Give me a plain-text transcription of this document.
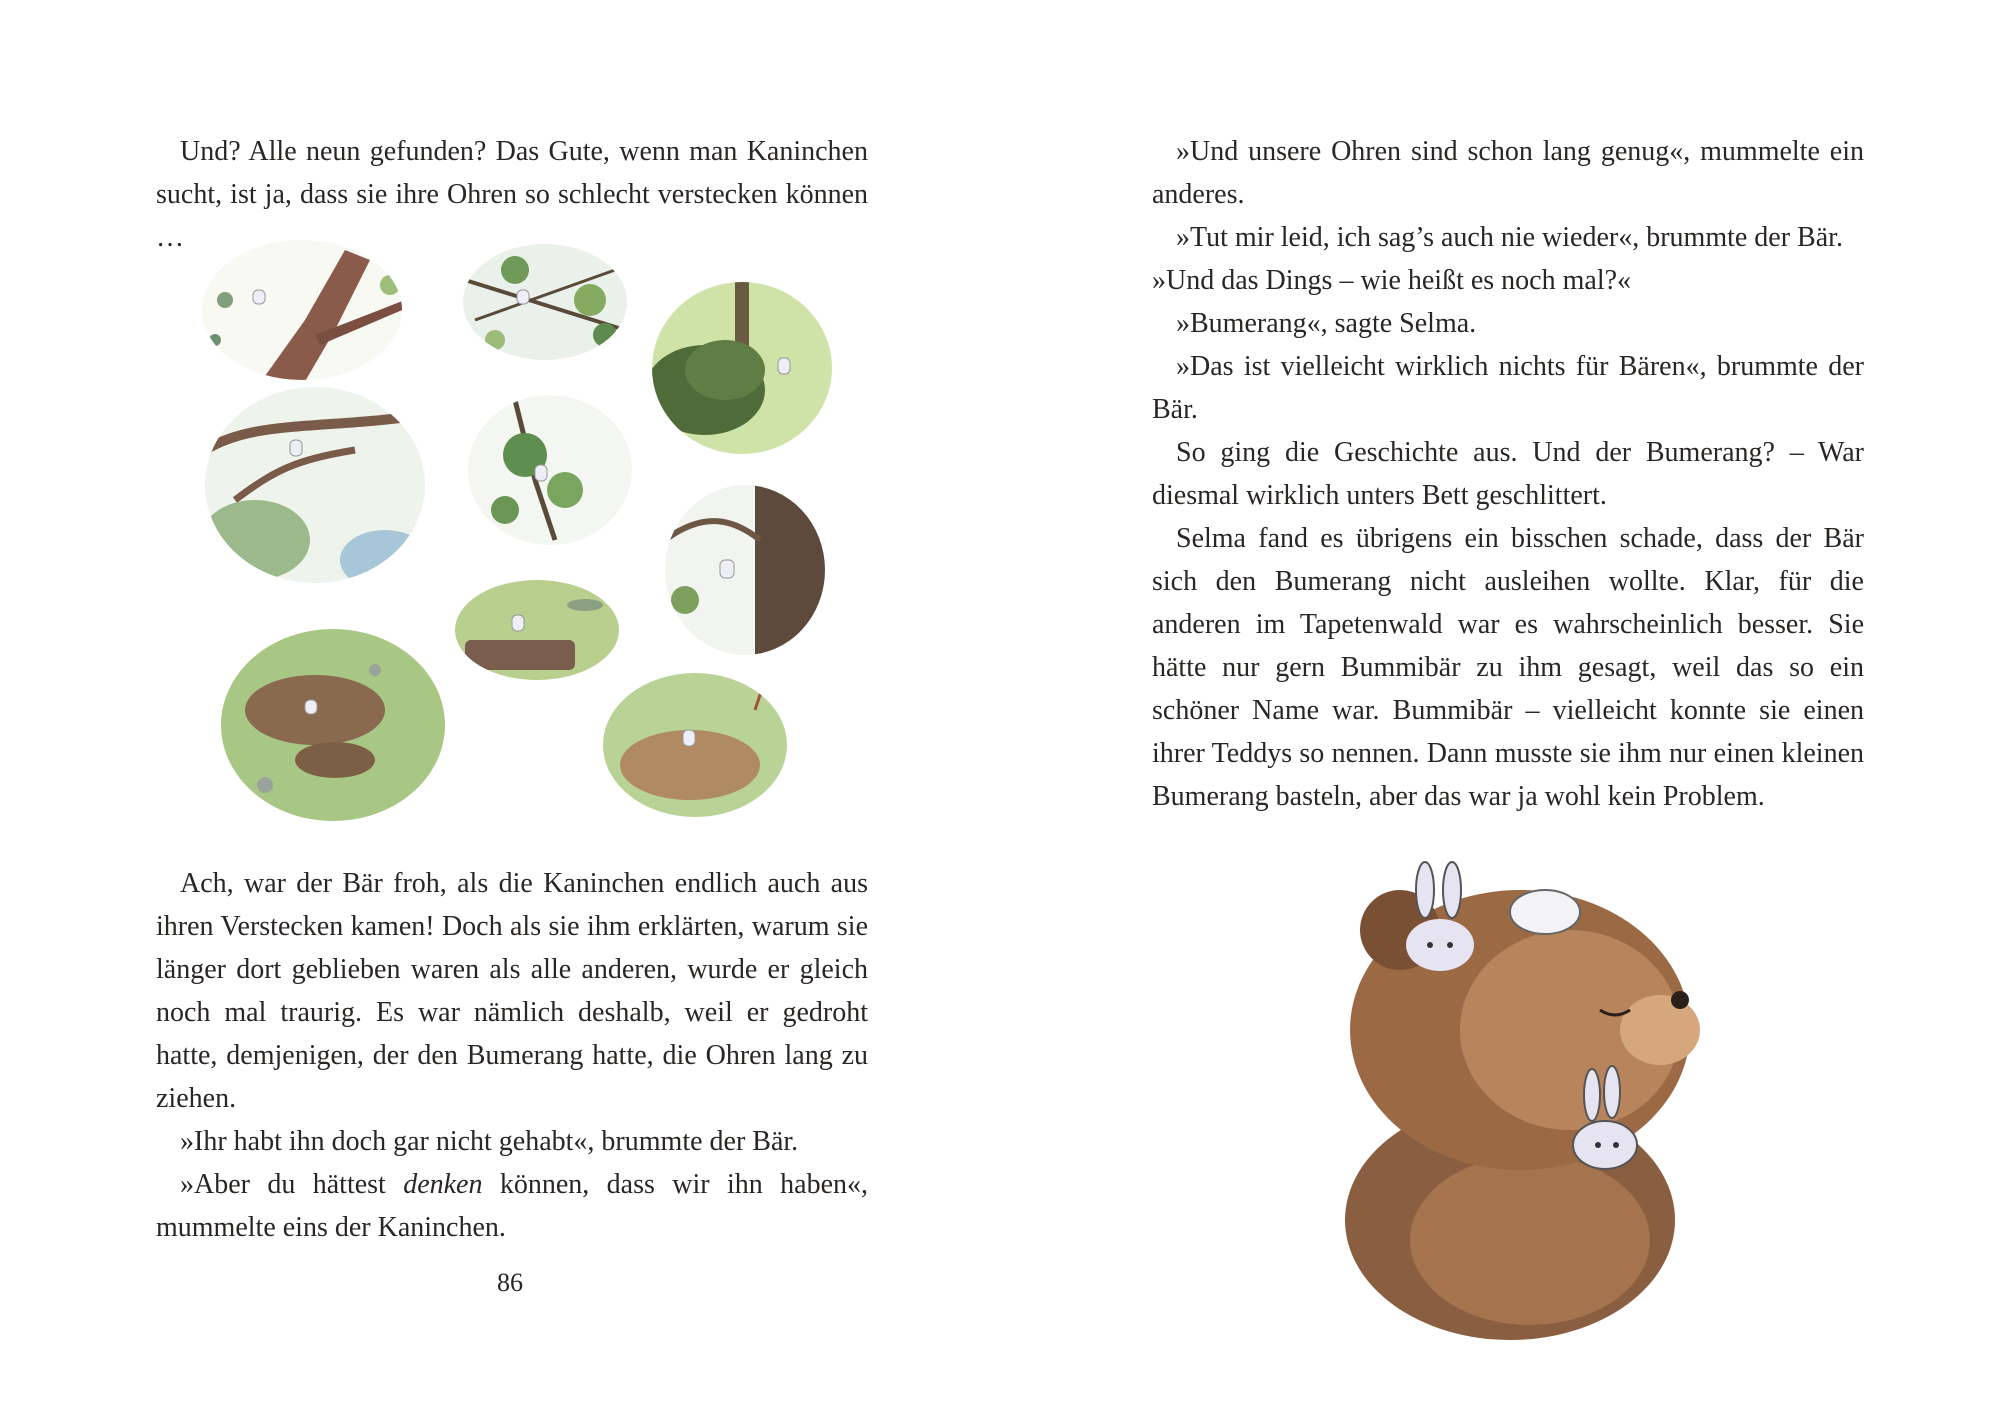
Und? Alle neun gefunden? Das Gute, wenn man Kaninchen sucht, ist ja, dass sie ihre Ohren so schlecht verstecken können …

Ach, war der Bär froh, als die Kaninchen endlich auch aus ihren Verstecken kamen! Doch als sie ihm erklärten, warum sie länger dort geblieben waren als alle anderen, wurde er gleich noch mal traurig. Es war nämlich deshalb, weil er gedroht hatte, demjenigen, der den Bumerang hatte, die Ohren lang zu ziehen.

»Ihr habt ihn doch gar nicht gehabt«, brummte der Bär.

»Aber du hättest denken können, dass wir ihn haben«, mummelte eins der Kaninchen.

86

»Und unsere Ohren sind schon lang genug«, mummelte ein anderes.

»Tut mir leid, ich sag’s auch nie wieder«, brummte der Bär.

»Und das Dings – wie heißt es noch mal?«

»Bumerang«, sagte Selma.

»Das ist vielleicht wirklich nichts für Bären«, brummte der Bär.

So ging die Geschichte aus. Und der Bumerang? – War diesmal wirklich unters Bett geschlittert.

Selma fand es übrigens ein bisschen schade, dass der Bär sich den Bumerang nicht ausleihen wollte. Klar, für die anderen im Tapetenwald war es wahrscheinlich besser. Sie hätte nur gern Bummibär zu ihm gesagt, weil das so ein schöner Name war. Bummibär – vielleicht konnte sie einen ihrer Teddys so nennen. Dann musste sie ihm nur einen kleinen Bumerang basteln, aber das war ja wohl kein Problem.
